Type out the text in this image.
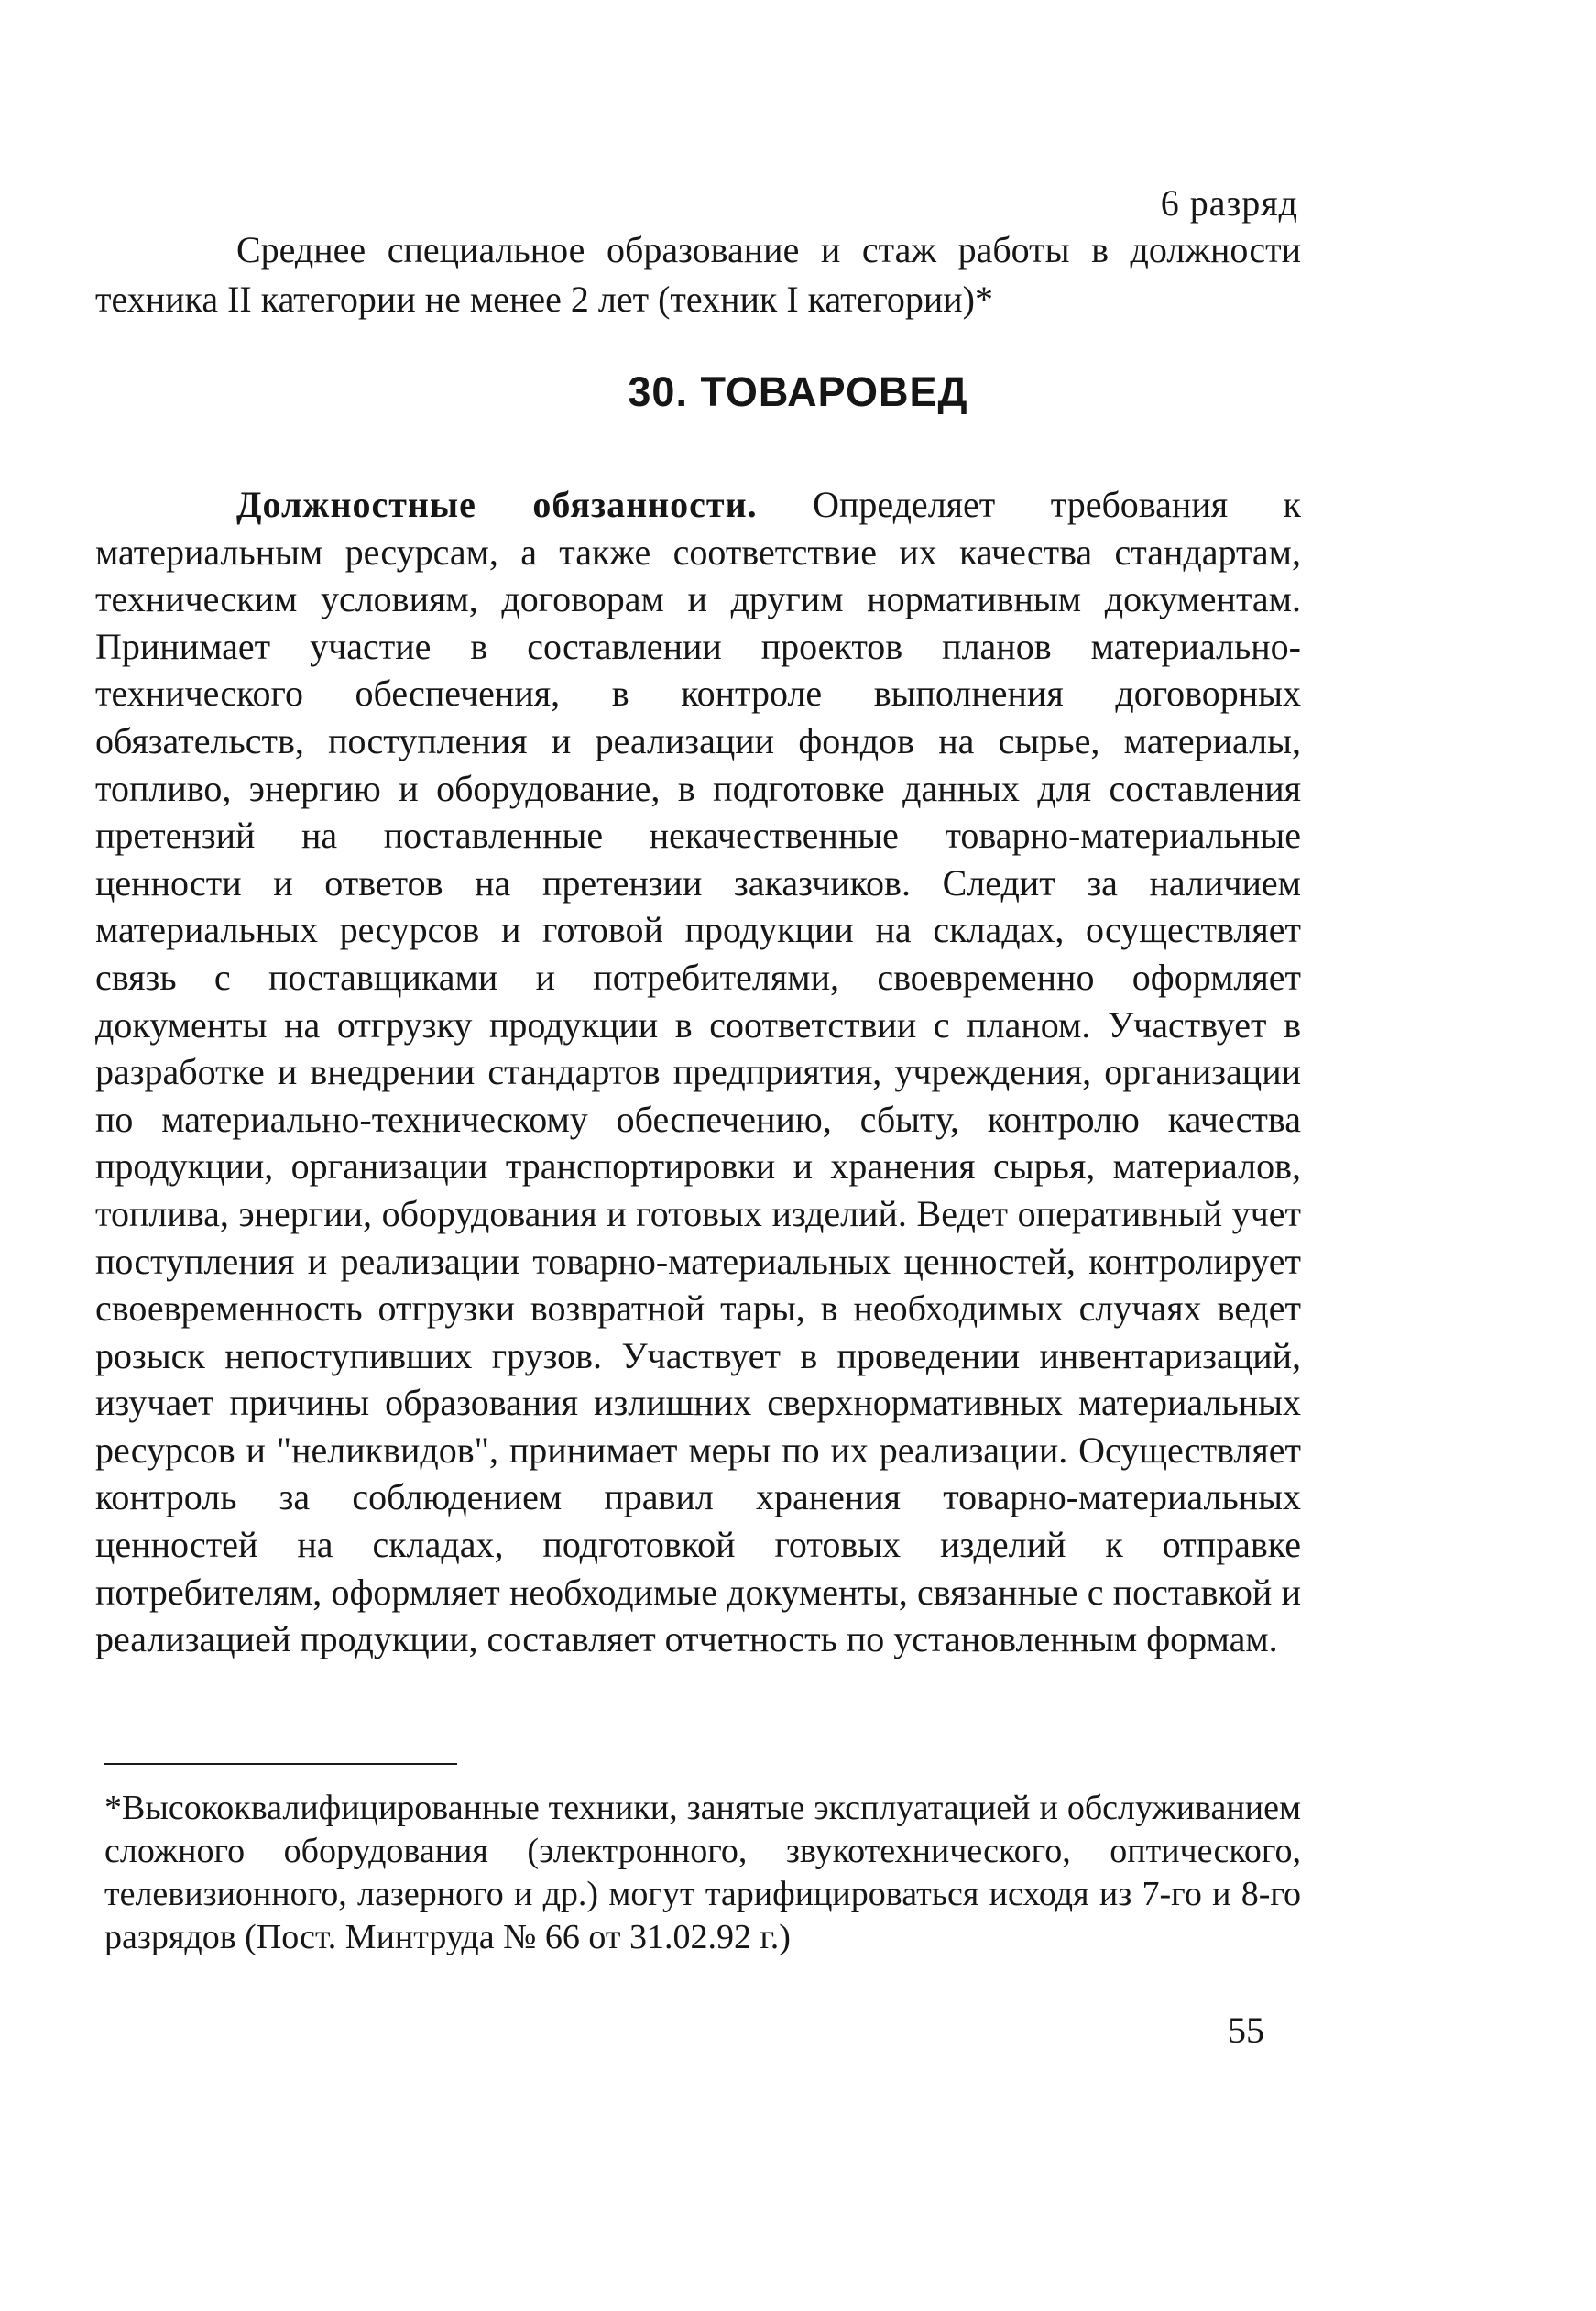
6 разряд

Среднее специальное образование и стаж работы в должности техника II категории не менее 2 лет (техник I категории)*

30. ТОВАРОВЕД

Должностные обязанности. Определяет требования к материальным ресурсам, а также соответствие их качества стандартам, техническим условиям, договорам и другим нормативным документам. Принимает участие в составлении проектов планов материально-технического обеспечения, в контроле выполнения договорных обязательств, поступления и реализации фондов на сырье, материалы, топливо, энергию и оборудование, в подготовке данных для составления претензий на поставленные некачественные товарно-материальные ценности и ответов на претензии заказчиков. Следит за наличием материальных ресурсов и готовой продукции на складах, осуществляет связь с поставщиками и потребителями, своевременно оформляет документы на отгрузку продукции в соответствии с планом. Участвует в разработке и внедрении стандартов предприятия, учреждения, организации по материально-техническому обеспечению, сбыту, контролю качества продукции, организации транспортировки и хранения сырья, материалов, топлива, энергии, оборудования и готовых изделий. Ведет оперативный учет поступления и реализации товарно-материальных ценностей, контролирует своевременность отгрузки возвратной тары, в необходимых случаях ведет розыск непоступивших грузов. Участвует в проведении инвентаризаций, изучает причины образования излишних сверхнормативных материальных ресурсов и "неликвидов", принимает меры по их реализации. Осуществляет контроль за соблюдением правил хранения товарно-материальных ценностей на складах, подготовкой готовых изделий к отправке потребителям, оформляет необходимые документы, связанные с поставкой и реализацией продукции, составляет отчетность по установленным формам.

*Высококвалифицированные техники, занятые эксплуатацией и обслуживанием сложного оборудования (электронного, звукотехнического, оптического, телевизионного, лазерного и др.) могут тарифицироваться исходя из 7-го и 8-го разрядов (Пост. Минтруда № 66 от 31.02.92 г.)

55
